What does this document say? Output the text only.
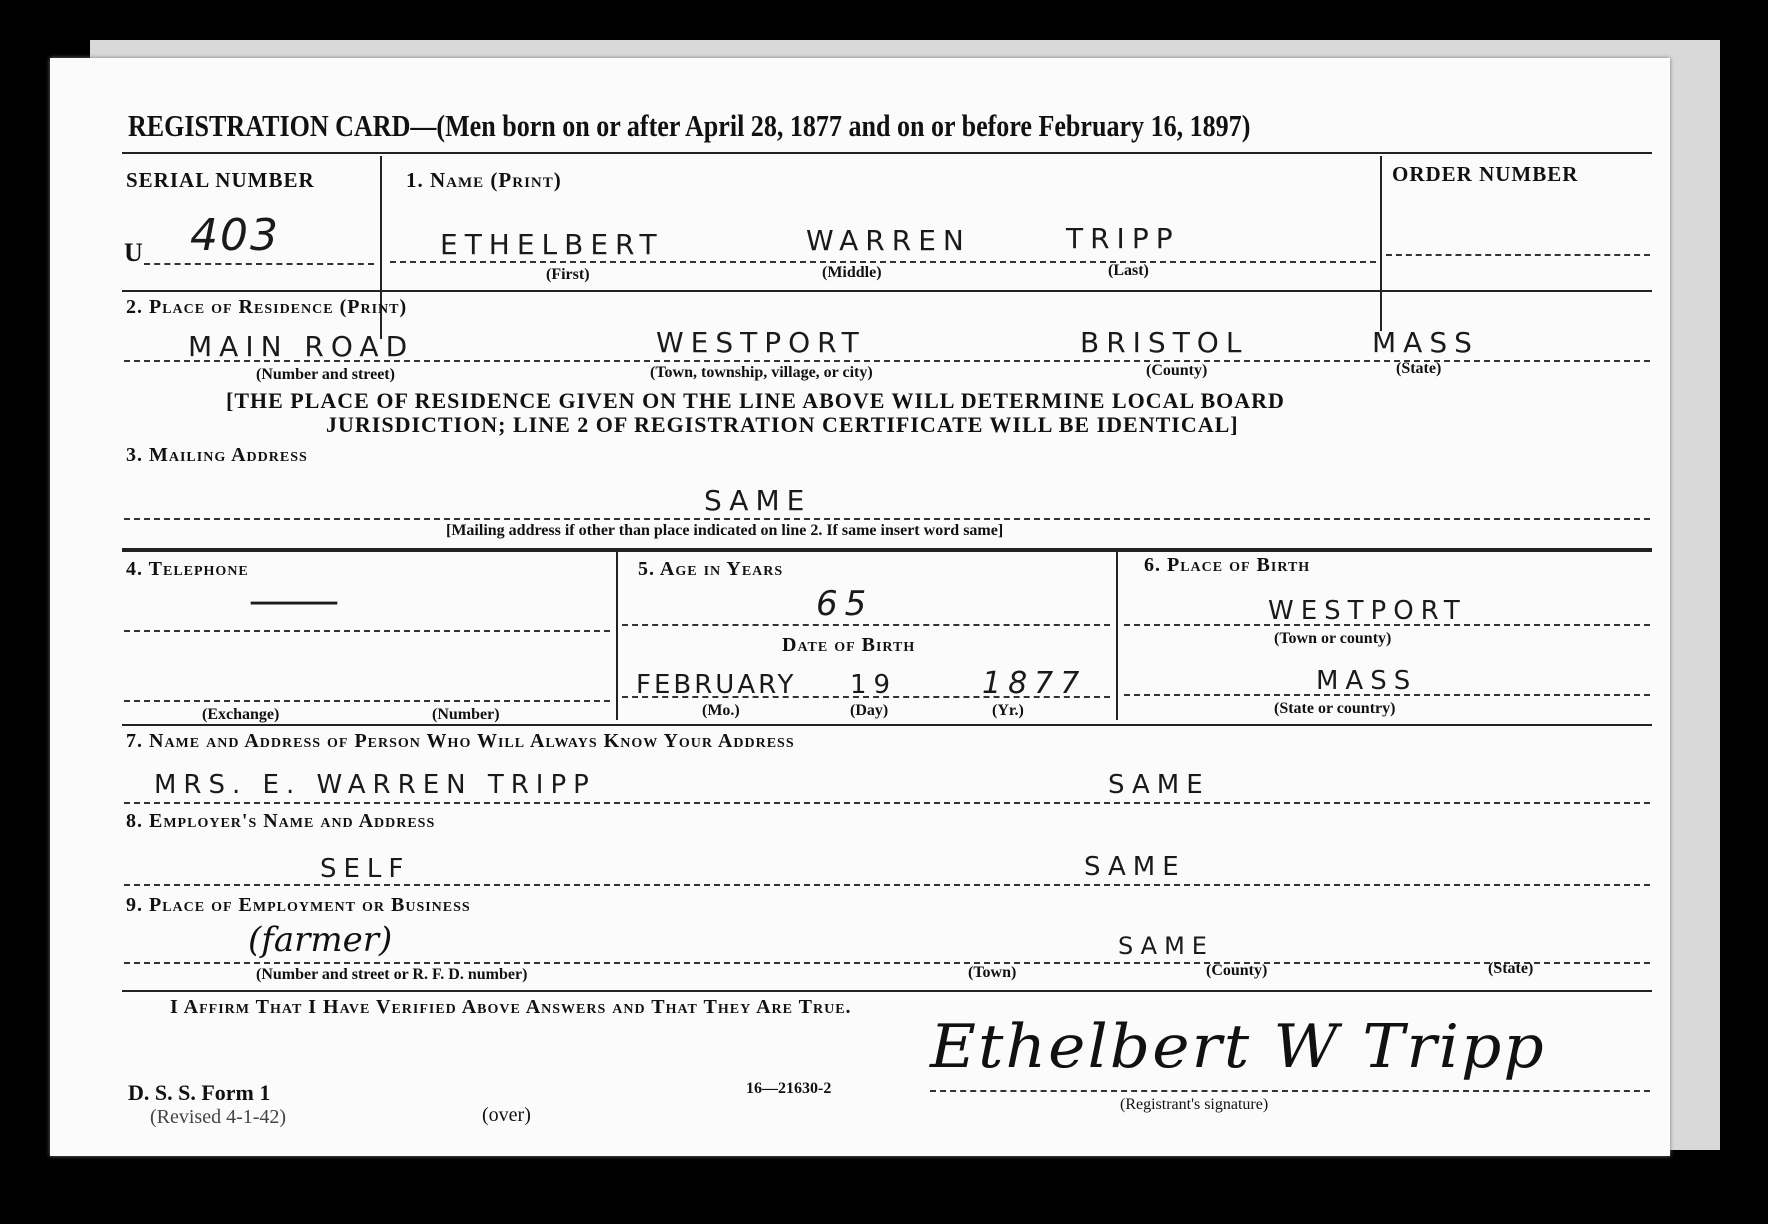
REGISTRATION CARD—(Men born on or after April 28, 1877 and on or before February 16, 1897)
SERIAL NUMBER
U 403
1. Name (Print)
ETHELBERT	WARREN	TRIPP
(First)	(Middle)	(Last)
ORDER NUMBER
2. Place of Residence (Print)
MAIN ROAD	WESTPORT	BRISTOL	MASS
(Number and street)	(Town, township, village, or city)	(County)	(State)
[THE PLACE OF RESIDENCE GIVEN ON THE LINE ABOVE WILL DETERMINE LOCAL BOARD
JURISDICTION; LINE 2 OF REGISTRATION CERTIFICATE WILL BE IDENTICAL]
3. Mailing Address
SAME
[Mailing address if other than place indicated on line 2. If same insert word same]
4. Telephone
—
(Exchange)	(Number)
5. Age in Years
65
Date of Birth
FEBRUARY 19	1877
(Mo.)	(Day)	(Yr.)
6. Place of Birth
WESTPORT
(Town or county)
MASS
(State or country)
7. Name and Address of Person Who Will Always Know Your Address
MRS. E. WARREN TRIPP	SAME
8. Employer's Name and Address
SELF	SAME
9. Place of Employment or Business
(farmer)	SAME
(Number and street or R. F. D. number)	(Town)	(County)	(State)
I Affirm That I Have Verified Above Answers and That They Are True.
Ethelbert W Tripp
(Registrant's signature)
D. S. S. Form 1
(Revised 4-1-42)	(over)
16—21630-2
